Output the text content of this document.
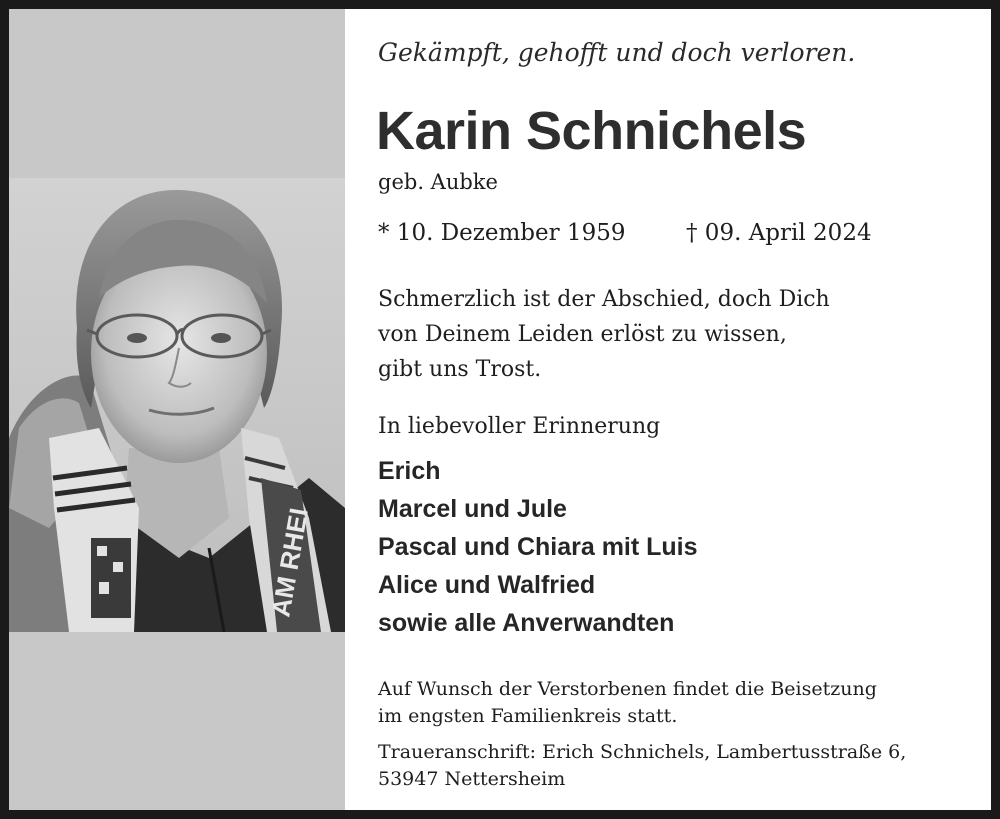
AM RHEI
Gekämpft, gehofft und doch verloren.
Karin Schnichels
geb. Aubke
* 10. Dezember 1959	† 09. April 2024
Schmerzlich ist der Abschied, doch Dich
von Deinem Leiden erlöst zu wissen,
gibt uns Trost.
In liebevoller Erinnerung
Erich
Marcel und Jule
Pascal und Chiara mit Luis
Alice und Walfried
sowie alle Anverwandten
Auf Wunsch der Verstorbenen findet die Beisetzung
im engsten Familienkreis statt.
Traueranschrift: Erich Schnichels, Lambertusstraße 6,
53947 Nettersheim
